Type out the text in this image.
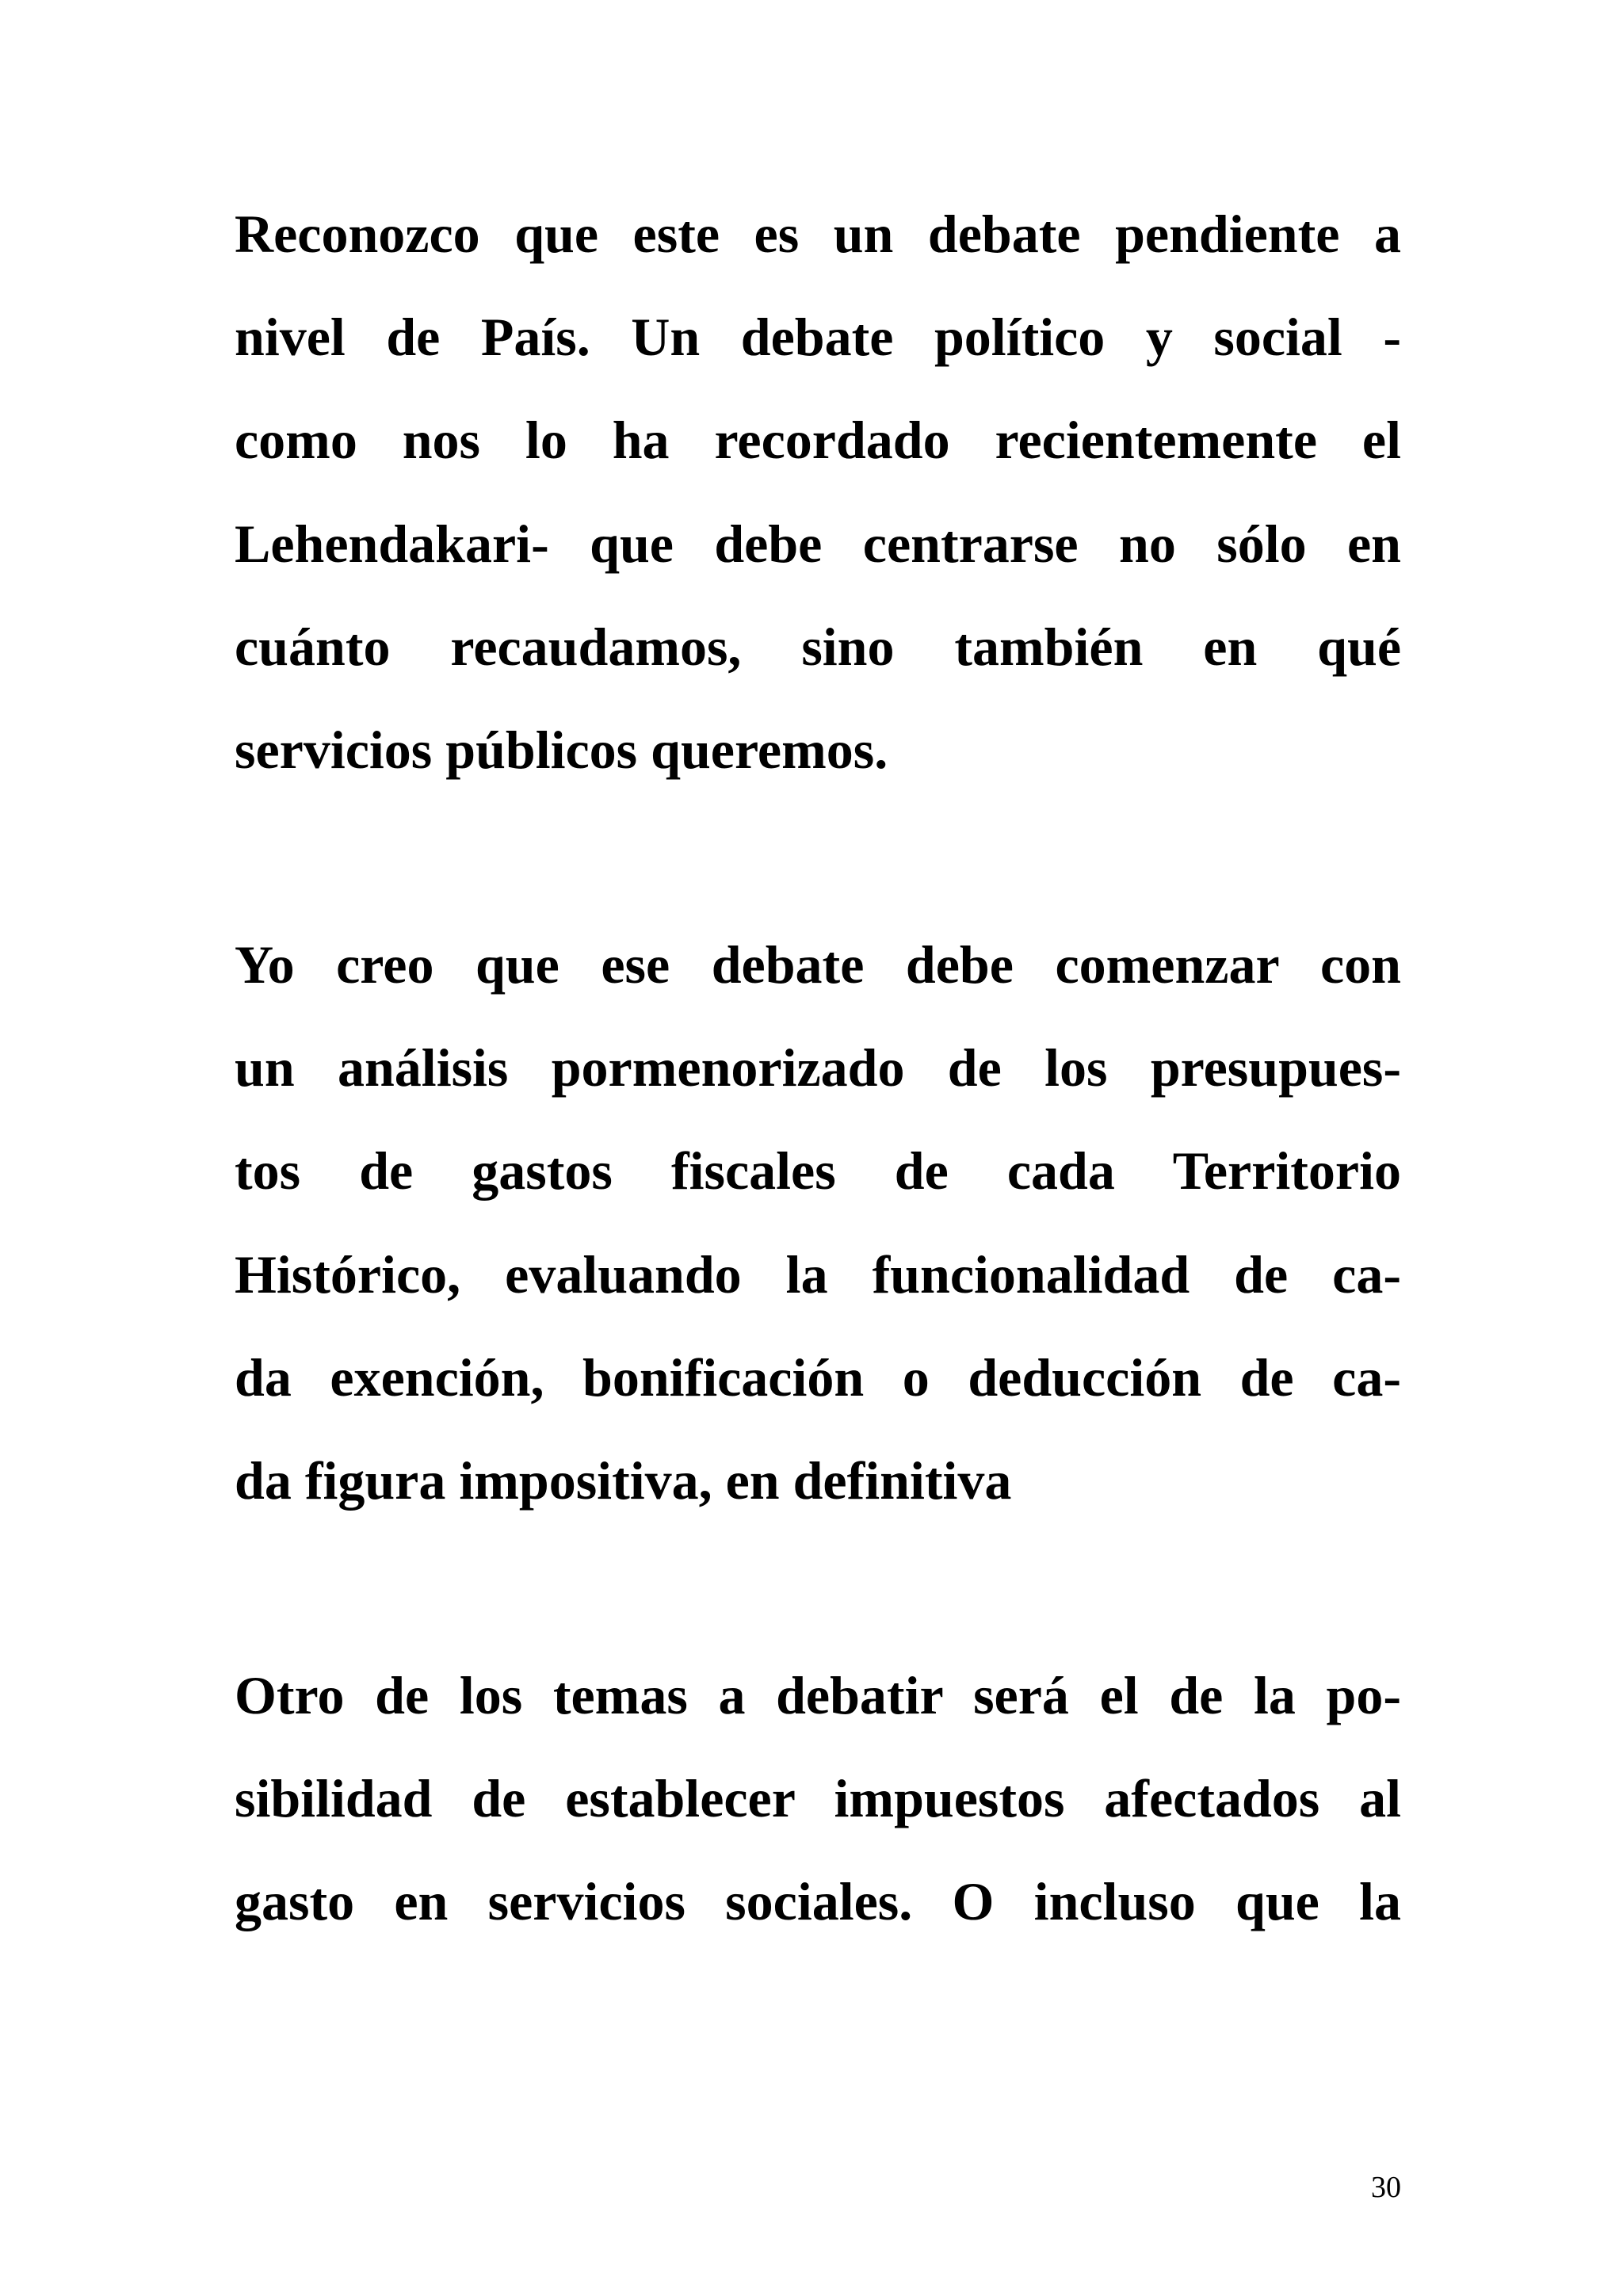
Reconozco que este es un debate pendiente a
nivel de País. Un debate político y social -
como nos lo ha recordado recientemente el
Lehendakari- que debe centrarse no sólo en
cuánto recaudamos, sino también en qué
servicios públicos queremos.
Yo creo que ese debate debe comenzar con
un análisis pormenorizado de los presupues-
tos de gastos fiscales de cada Territorio
Histórico, evaluando la funcionalidad de ca-
da exención, bonificación o deducción de ca-
da figura impositiva, en definitiva
Otro de los temas a debatir será el de la po-
sibilidad de establecer impuestos afectados al
gasto en servicios sociales. O incluso que la
30
